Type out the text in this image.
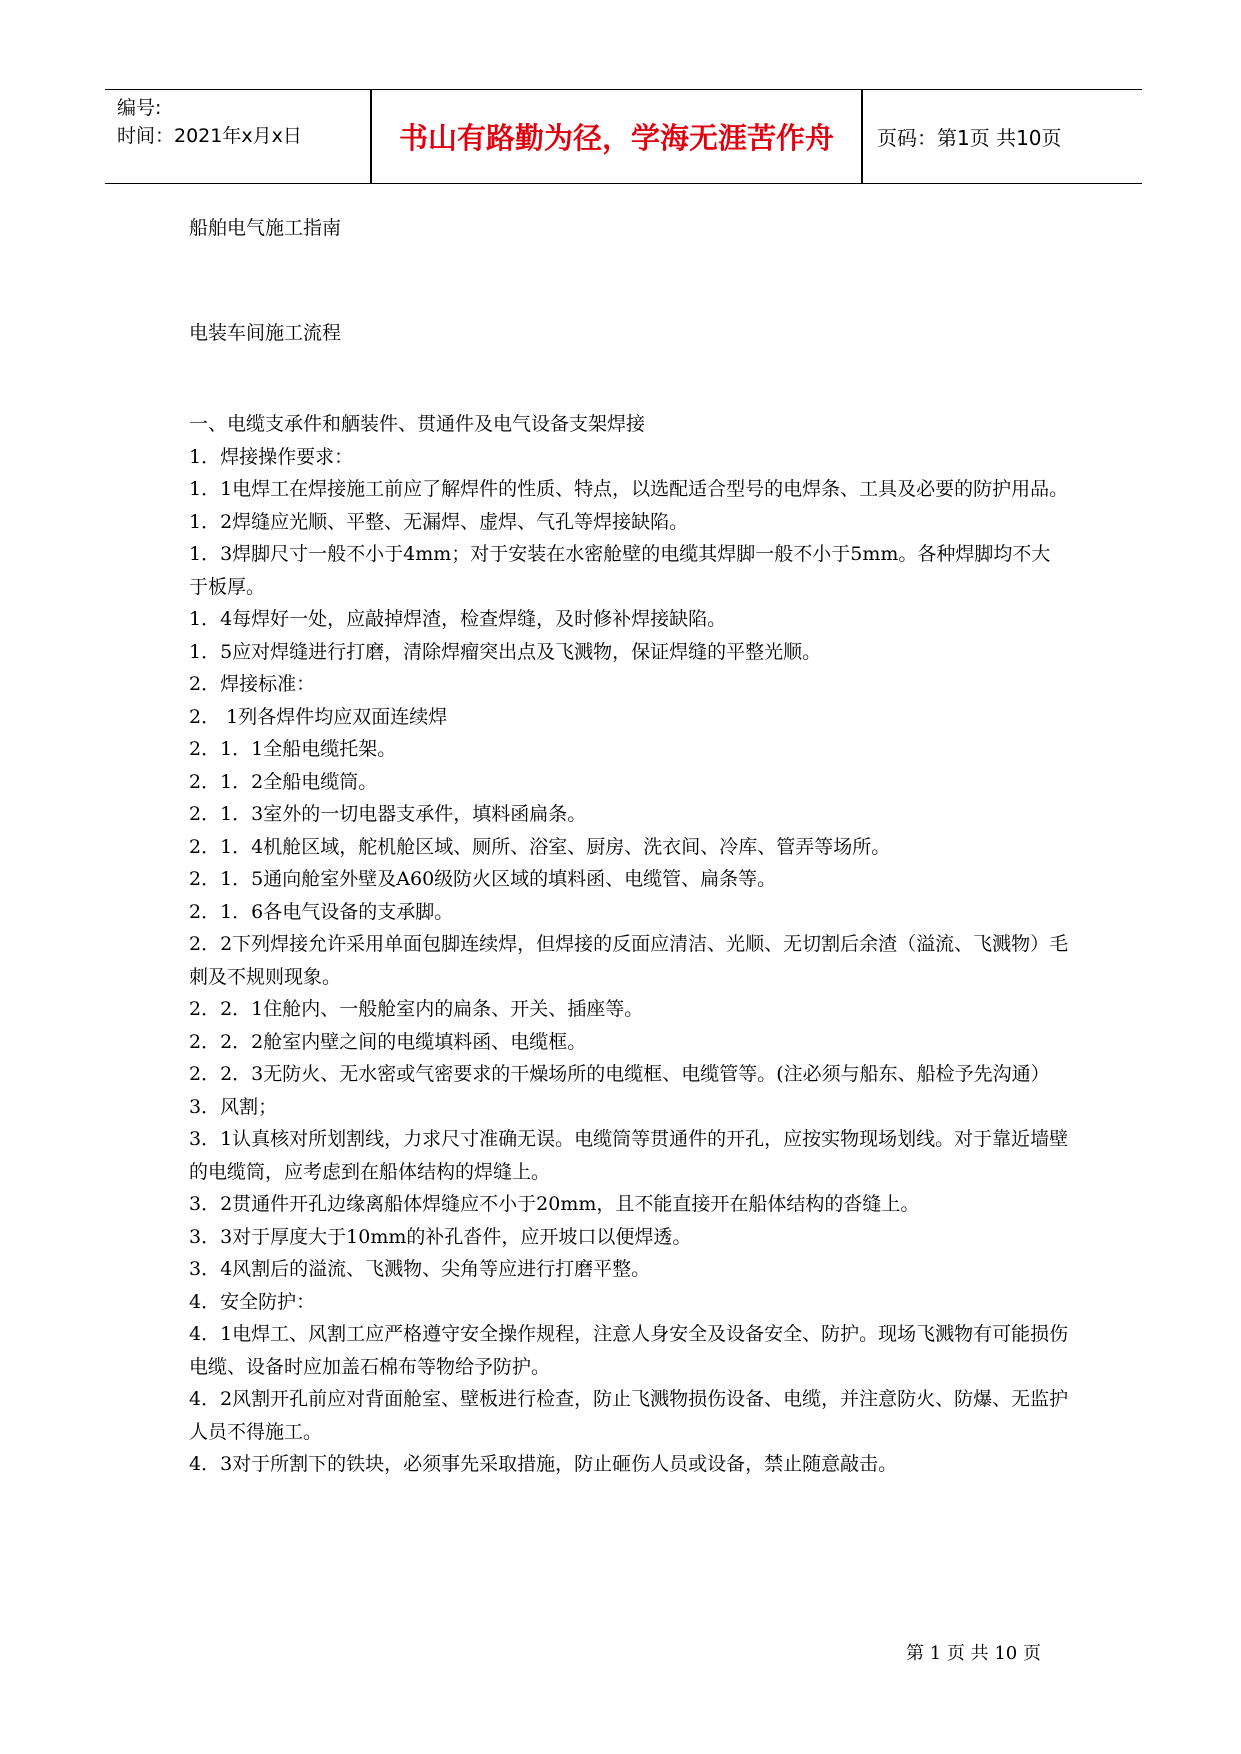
编号:
时间：2021年x月x日	书山有路勤为径，学海无涯苦作舟	页码：第1页 共10页

船舶电气施工指南

电装车间施工流程

一、电缆支承件和舾装件、贯通件及电气设备支架焊接

1．焊接操作要求：

1．1电焊工在焊接施工前应了解焊件的性质、特点，以选配适合型号的电焊条、工具及必要的防护用品。

1．2焊缝应光顺、平整、无漏焊、虚焊、气孔等焊接缺陷。

1．3焊脚尺寸一般不小于4mm；对于安装在水密舱壁的电缆其焊脚一般不小于5mm。各种焊脚均不大于板厚。

1．4每焊好一处，应敲掉焊渣，检查焊缝，及时修补焊接缺陷。

1．5应对焊缝进行打磨，清除焊瘤突出点及飞溅物，保证焊缝的平整光顺。

2．焊接标准：

2． 1列各焊件均应双面连续焊

2．1．1全船电缆托架。

2．1．2全船电缆筒。

2．1．3室外的一切电器支承件，填料函扁条。

2．1．4机舱区域，舵机舱区域、厕所、浴室、厨房、洗衣间、冷库、管弄等场所。

2．1．5通向舱室外壁及A60级防火区域的填料函、电缆管、扁条等。

2．1．6各电气设备的支承脚。

2．2下列焊接允许采用单面包脚连续焊，但焊接的反面应清洁、光顺、无切割后余渣（溢流、飞溅物）毛刺及不规则现象。

2．2．1住舱内、一般舱室内的扁条、开关、插座等。

2．2．2舱室内壁之间的电缆填料函、电缆框。

2．2．3无防火、无水密或气密要求的干燥场所的电缆框、电缆管等。(注必须与船东、船检予先沟通）

3．风割；

3．1认真核对所划割线，力求尺寸准确无误。电缆筒等贯通件的开孔，应按实物现场划线。对于靠近墙壁的电缆筒，应考虑到在船体结构的焊缝上。

3．2贯通件开孔边缘离船体焊缝应不小于20mm，且不能直接开在船体结构的沓缝上。

3．3对于厚度大于10mm的补孔沓件，应开坡口以便焊透。

3．4风割后的溢流、飞溅物、尖角等应进行打磨平整。

4．安全防护：

4．1电焊工、风割工应严格遵守安全操作规程，注意人身安全及设备安全、防护。现场飞溅物有可能损伤电缆、设备时应加盖石棉布等物给予防护。

4．2风割开孔前应对背面舱室、壁板进行检查，防止飞溅物损伤设备、电缆，并注意防火、防爆、无监护人员不得施工。

4．3对于所割下的铁块，必须事先采取措施，防止砸伤人员或设备，禁止随意敲击。

第 1 页 共 10 页
